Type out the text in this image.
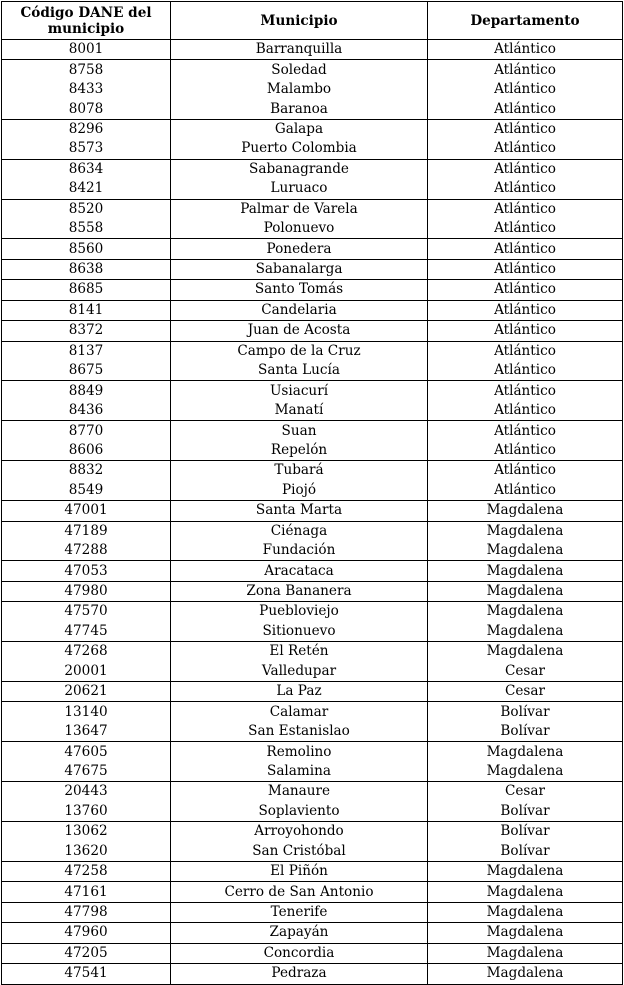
Código DANE del municipio	Municipio	Departamento
8001	Barranquilla	Atlántico
8758	Soledad	Atlántico
8433	Malambo	Atlántico
8078	Baranoa	Atlántico
8296	Galapa	Atlántico
8573	Puerto Colombia	Atlántico
8634	Sabanagrande	Atlántico
8421	Luruaco	Atlántico
8520	Palmar de Varela	Atlántico
8558	Polonuevo	Atlántico
8560	Ponedera	Atlántico
8638	Sabanalarga	Atlántico
8685	Santo Tomás	Atlántico
8141	Candelaria	Atlántico
8372	Juan de Acosta	Atlántico
8137	Campo de la Cruz	Atlántico
8675	Santa Lucía	Atlántico
8849	Usiacurí	Atlántico
8436	Manatí	Atlántico
8770	Suan	Atlántico
8606	Repelón	Atlántico
8832	Tubará	Atlántico
8549	Piojó	Atlántico
47001	Santa Marta	Magdalena
47189	Ciénaga	Magdalena
47288	Fundación	Magdalena
47053	Aracataca	Magdalena
47980	Zona Bananera	Magdalena
47570	Puebloviejo	Magdalena
47745	Sitionuevo	Magdalena
47268	El Retén	Magdalena
20001	Valledupar	Cesar
20621	La Paz	Cesar
13140	Calamar	Bolívar
13647	San Estanislao	Bolívar
47605	Remolino	Magdalena
47675	Salamina	Magdalena
20443	Manaure	Cesar
13760	Soplaviento	Bolívar
13062	Arroyohondo	Bolívar
13620	San Cristóbal	Bolívar
47258	El Piñón	Magdalena
47161	Cerro de San Antonio	Magdalena
47798	Tenerife	Magdalena
47960	Zapayán	Magdalena
47205	Concordia	Magdalena
47541	Pedraza	Magdalena
